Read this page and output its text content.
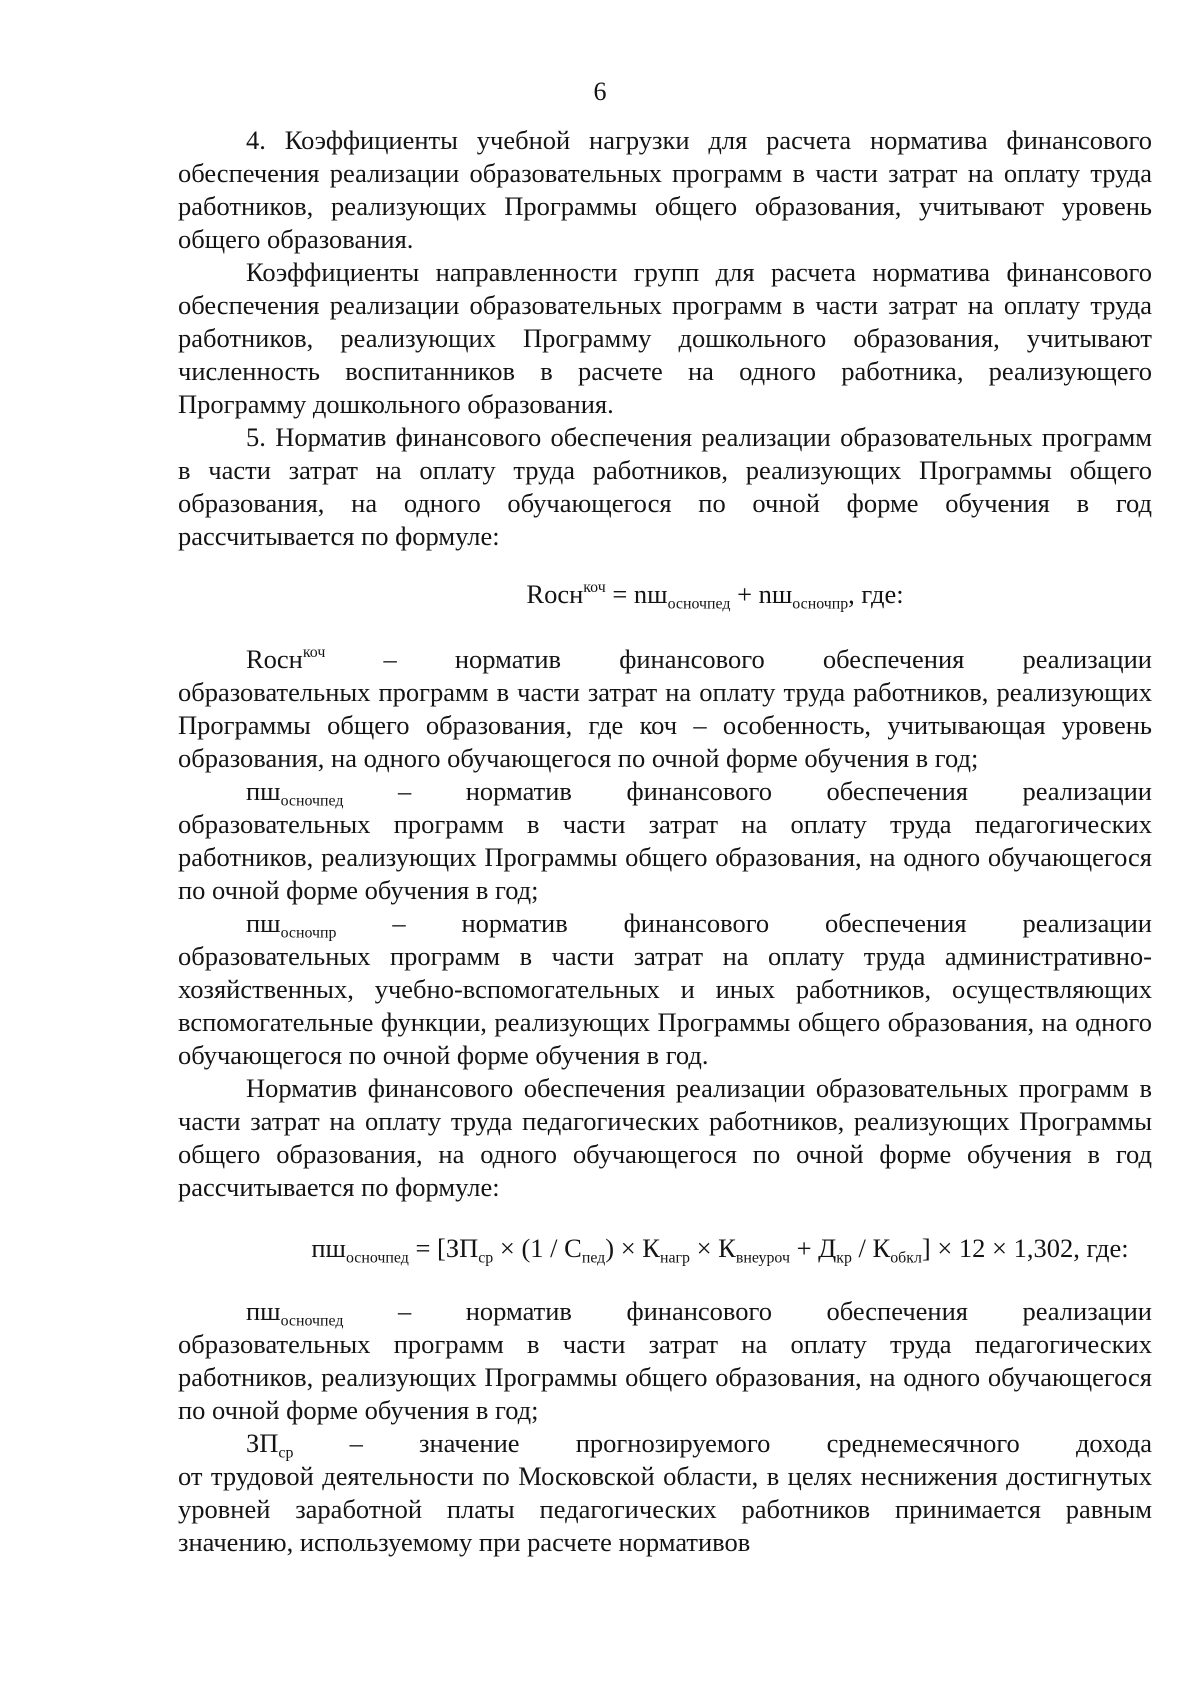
6

4. Коэффициенты учебной нагрузки для расчета норматива финансового обеспечения реализации образовательных программ в части затрат на оплату труда работников, реализующих Программы общего образования, учитывают уровень общего образования.

Коэффициенты направленности групп для расчета норматива финансового обеспечения реализации образовательных программ в части затрат на оплату труда работников, реализующих Программу дошкольного образования, учитывают численность воспитанников в расчете на одного работника, реализующего Программу дошкольного образования.

5. Норматив финансового обеспечения реализации образовательных программ в части затрат на оплату труда работников, реализующих Программы общего образования, на одного обучающегося по очной форме обучения в год рассчитывается по формуле:

Rocн$^{коч}$ = $nш_{осночпед} + nш_{осночпр}$, где:
Rocн$^{коч}$ – норматив финансового обеспечения реализации

образовательных программ в части затрат на оплату труда работников, реализующих Программы общего образования, где коч – особенность, учитывающая уровень образования, на одного обучающегося по очной форме обучения в год;

$пш_{осночпед}$ – норматив финансового обеспечения реализации

образовательных программ в части затрат на оплату труда педагогических работников, реализующих Программы общего образования, на одного обучающегося по очной форме обучения в год;

$пш_{осночпр}$ – норматив финансового обеспечения реализации

образовательных программ в части затрат на оплату труда административно-хозяйственных, учебно-вспомогательных и иных работников, осуществляющих вспомогательные функции, реализующих Программы общего образования, на одного обучающегося по очной форме обучения в год.

Норматив финансового обеспечения реализации образовательных программ в части затрат на оплату труда педагогических работников, реализующих Программы общего образования, на одного обучающегося по очной форме обучения в год рассчитывается по формуле:

$пш_{осночпед} = [ЗП_{ср} \times (1 / С_{пед}) \times К_{нагр} \times К_{внеуроч} + Д_{кр} / К_{обкл}] \times 12 \times 1,302$, где:
$пш_{осночпед}$ – норматив финансового обеспечения реализации

образовательных программ в части затрат на оплату труда педагогических работников, реализующих Программы общего образования, на одного обучающегося по очной форме обучения в год;

$ЗП_{ср}$ – значение прогнозируемого среднемесячного дохода

от трудовой деятельности по Московской области, в целях неснижения достигнутых уровней заработной платы педагогических работников принимается равным значению, используемому при расчете нормативов
